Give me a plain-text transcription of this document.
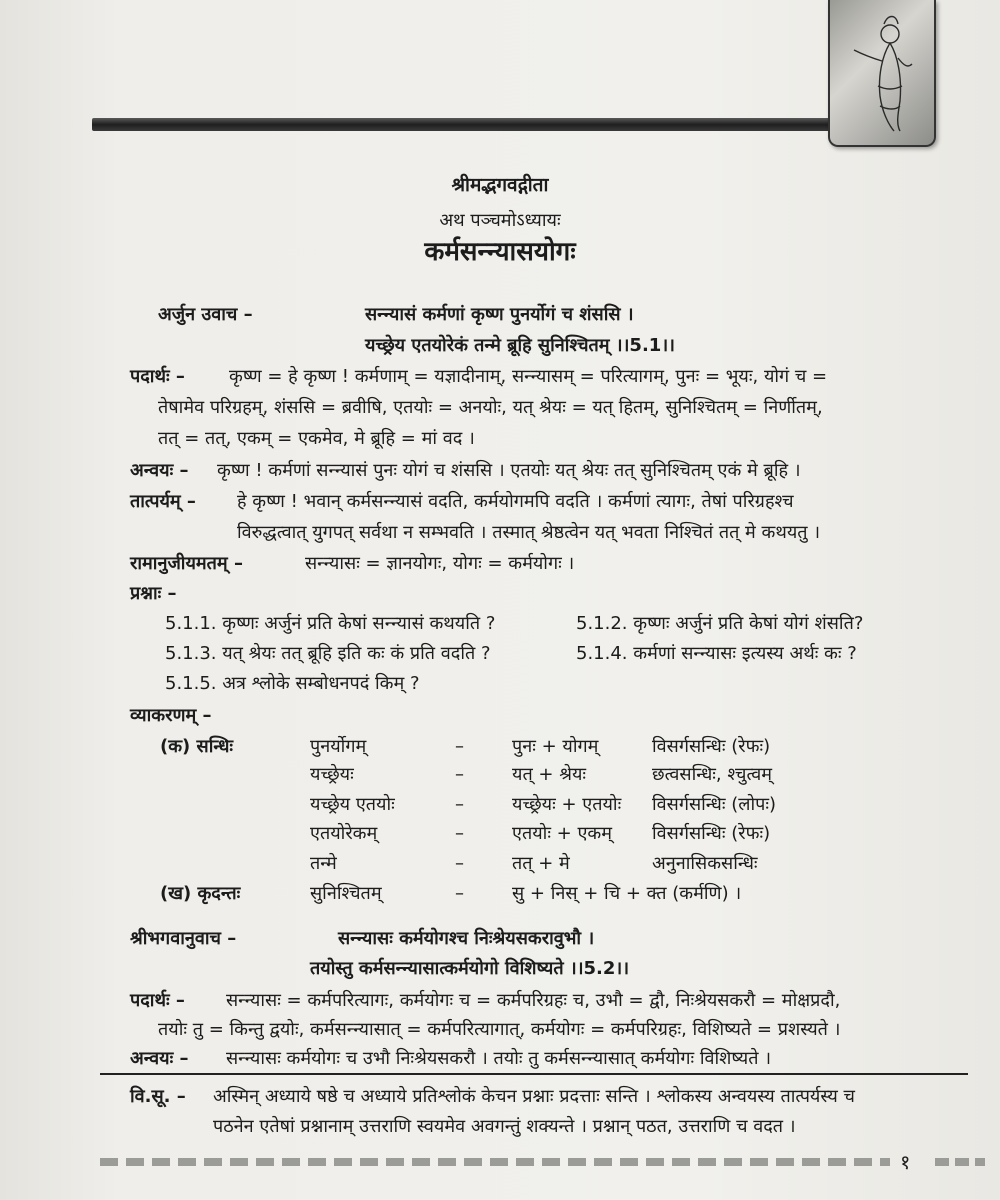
श्रीमद्भगवद्गीता
अथ पञ्चमोऽध्यायः
कर्मसन्न्यासयोगः
अर्जुन उवाच –	सन्न्यासं कर्मणां कृष्ण पुनर्योगं च शंससि ।
यच्छ्रेय एतयोरेकं तन्मे ब्रूहि सुनिश्चितम् ।।5.1।।
पदार्थः – कृष्ण = हे कृष्ण ! कर्मणाम् = यज्ञादीनाम्, सन्न्यासम् = परित्यागम्, पुनः = भूयः, योगं च =
तेषामेव परिग्रहम्, शंससि = ब्रवीषि, एतयोः = अनयोः, यत् श्रेयः = यत् हितम्, सुनिश्चितम् = निर्णीतम्,
तत् = तत्, एकम् = एकमेव, मे ब्रूहि = मां वद ।
अन्वयः – कृष्ण ! कर्मणां सन्न्यासं पुनः योगं च शंससि । एतयोः यत् श्रेयः तत् सुनिश्चितम् एकं मे ब्रूहि ।
तात्पर्यम् – हे कृष्ण ! भवान् कर्मसन्न्यासं वदति, कर्मयोगमपि वदति । कर्मणां त्यागः, तेषां परिग्रहश्च
विरुद्धत्वात् युगपत् सर्वथा न सम्भवति । तस्मात् श्रेष्ठत्वेन यत् भवता निश्चितं तत् मे कथयतु ।
रामानुजीयमतम् –	सन्न्यासः = ज्ञानयोगः, योगः = कर्मयोगः ।
प्रश्नाः –
5.1.1. कृष्णः अर्जुनं प्रति केषां सन्न्यासं कथयति ?	5.1.2. कृष्णः अर्जुनं प्रति केषां योगं शंसति?
5.1.3. यत् श्रेयः तत् ब्रूहि इति कः कं प्रति वदति ?	5.1.4. कर्मणां सन्न्यासः इत्यस्य अर्थः कः ?
5.1.5. अत्र श्लोके सम्बोधनपदं किम् ?
व्याकरणम् –
(क) सन्धिः	पुनर्योगम्	–	पुनः + योगम्	विसर्गसन्धिः (रेफः)
यच्छ्रेयः	–	यत् + श्रेयः	छत्वसन्धिः, श्चुत्वम्
यच्छ्रेय एतयोः	–	यच्छ्रेयः + एतयोः विसर्गसन्धिः (लोपः)
एतयोरेकम्	–	एतयोः + एकम् विसर्गसन्धिः (रेफः)
तन्मे	–	तत् + मे	अनुनासिकसन्धिः
(ख) कृदन्तः	सुनिश्चितम्	–	सु + निस् + चि + क्त (कर्मणि) ।
श्रीभगवानुवाच –	सन्न्यासः कर्मयोगश्च निःश्रेयसकरावुभौ ।
तयोस्तु कर्मसन्न्यासात्कर्मयोगो विशिष्यते ।।5.2।।
पदार्थः – सन्न्यासः = कर्मपरित्यागः, कर्मयोगः च = कर्मपरिग्रहः च, उभौ = द्वौ, निःश्रेयसकरौ = मोक्षप्रदौ,
तयोः तु = किन्तु द्वयोः, कर्मसन्न्यासात् = कर्मपरित्यागात्, कर्मयोगः = कर्मपरिग्रहः, विशिष्यते = प्रशस्यते ।
अन्वयः – सन्न्यासः कर्मयोगः च उभौ निःश्रेयसकरौ । तयोः तु कर्मसन्न्यासात् कर्मयोगः विशिष्यते ।
वि.सू. – अस्मिन् अध्याये षष्ठे च अध्याये प्रतिश्लोकं केचन प्रश्नाः प्रदत्ताः सन्ति । श्लोकस्य अन्वयस्य तात्पर्यस्य च
पठनेन एतेषां प्रश्नानाम् उत्तराणि स्वयमेव अवगन्तुं शक्यन्ते । प्रश्नान् पठत, उत्तराणि च वदत ।
१
